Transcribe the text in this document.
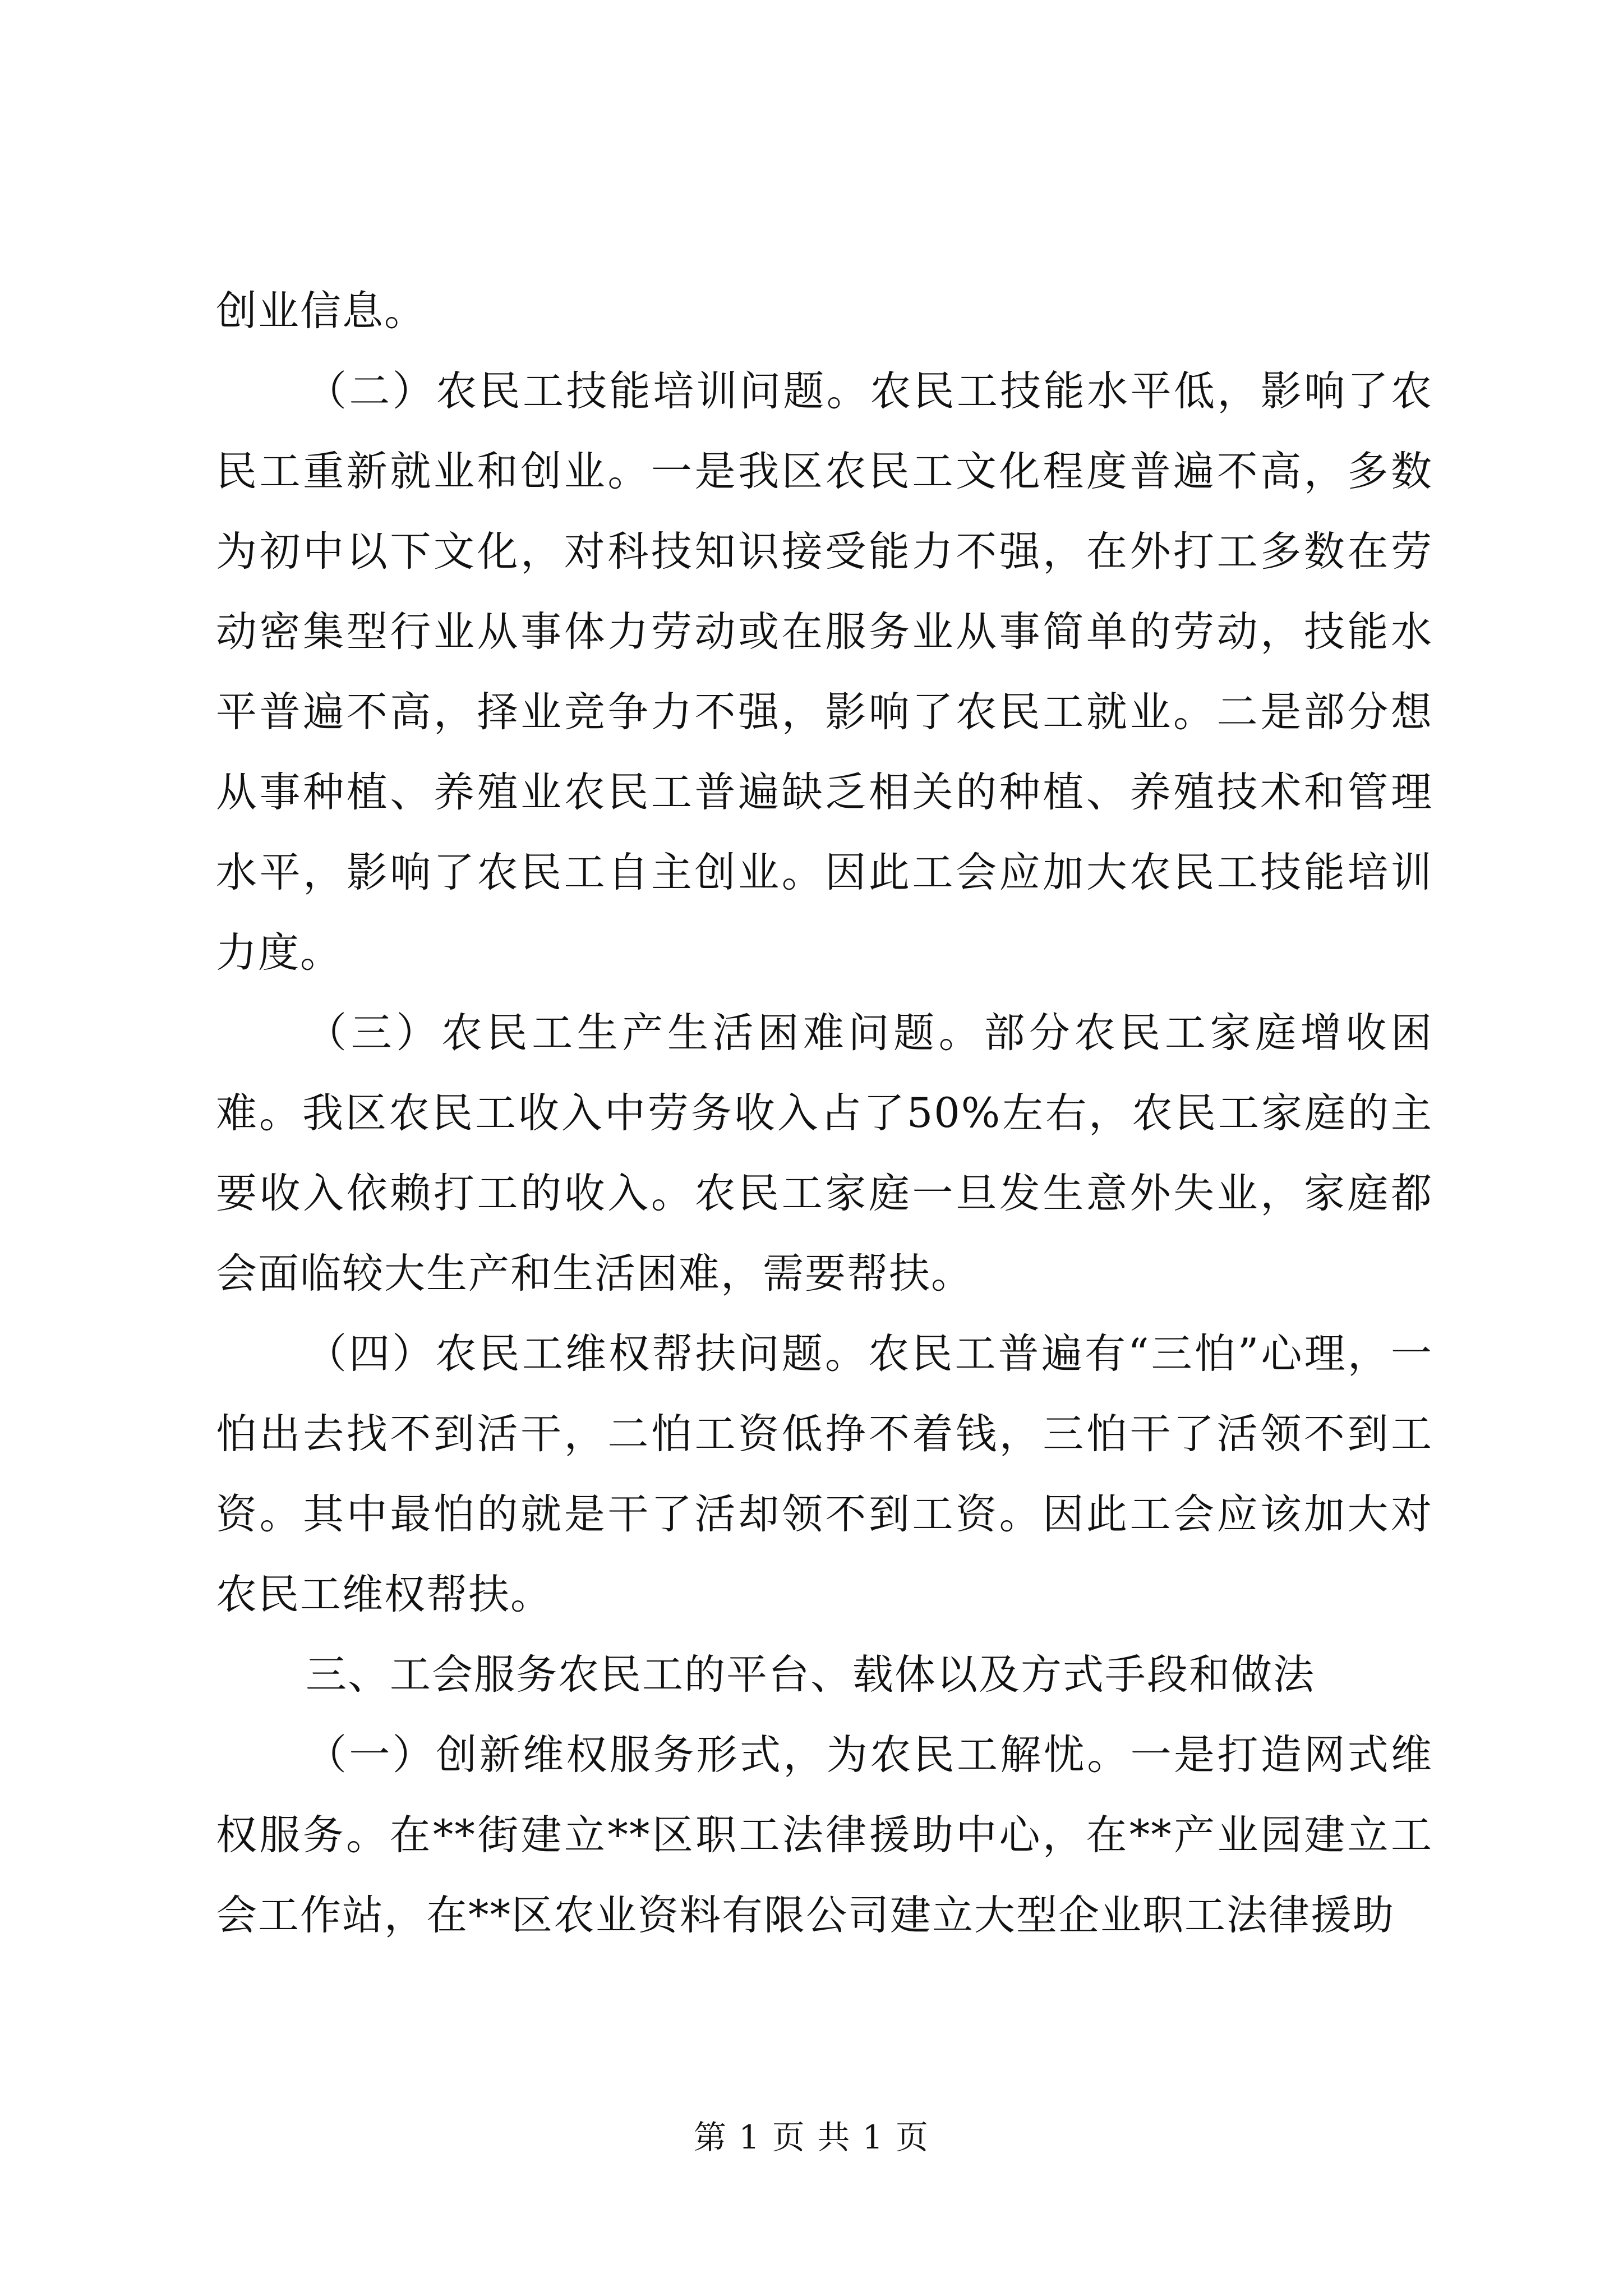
创业信息。

（二）农民工技能培训问题。农民工技能水平低，影响了农民工重新就业和创业。一是我区农民工文化程度普遍不高，多数为初中以下文化，对科技知识接受能力不强，在外打工多数在劳动密集型行业从事体力劳动或在服务业从事简单的劳动，技能水平普遍不高，择业竞争力不强，影响了农民工就业。二是部分想从事种植、养殖业农民工普遍缺乏相关的种植、养殖技术和管理水平，影响了农民工自主创业。因此工会应加大农民工技能培训力度。

（三）农民工生产生活困难问题。部分农民工家庭增收困难。我区农民工收入中劳务收入占了50%左右，农民工家庭的主要收入依赖打工的收入。农民工家庭一旦发生意外失业，家庭都会面临较大生产和生活困难，需要帮扶。

（四）农民工维权帮扶问题。农民工普遍有“三怕”心理，一怕出去找不到活干，二怕工资低挣不着钱，三怕干了活领不到工资。其中最怕的就是干了活却领不到工资。因此工会应该加大对农民工维权帮扶。

三、工会服务农民工的平台、载体以及方式手段和做法

（一）创新维权服务形式，为农民工解忧。一是打造网式维权服务。在**街建立**区职工法律援助中心，在**产业园建立工会工作站，在**区农业资料有限公司建立大型企业职工法律援助

第 1 页 共 1 页
